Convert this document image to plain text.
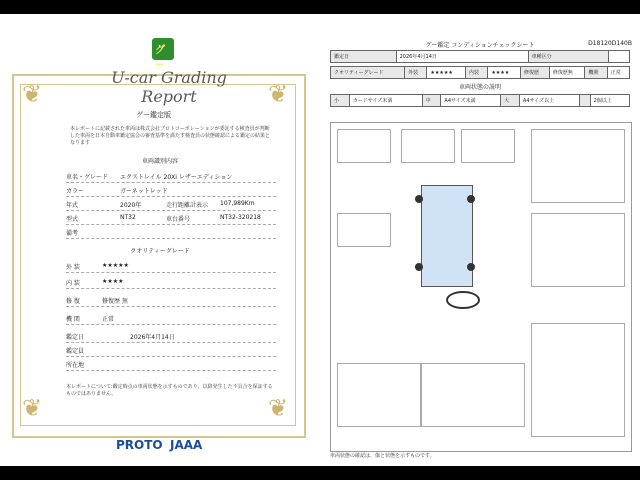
❦	❦
❦	❦
グー
U-car Grading Report
グー鑑定版
本レポートに記載された車両は株式会社プロトコーポレーションが委託する検査員が判断した車両を日本自動車鑑定協会の審査基準を満たす検査員の状態確認による鑑定の結果となります
車両識別内容
車名・グレード エクストレイル 20Xi レザーエディション
カラー	ガーネットレッド
年式	2020年	走行距離計表示 107,989Km
型式	NT32	車台番号	NT32-320218
備考
クオリティーグレード
外 装	★★★★★
内 装	★★★★
修 復	修復歴 無
機 関	正常
鑑定日	2026年4月14日
鑑定員
所在地
本レポートについて:鑑定時点の車両状態を示すものであり、以降発生した不具合を保証するものではありません。
PROTO JAAA
グー鑑定 コンディションチェックシート	D18120D140B
鑑定日	2026年4月14日	車種区分	
クオリティーグレード	外装	★★★★★	内装	★★★★	修復歴	修復歴無	機関	正常
車両状態の説明
小	カードサイズ未満	中	A4サイズ未満	大	A4サイズ以上		2個以上
車両状態の確認は、傷と状態を示すものです。
